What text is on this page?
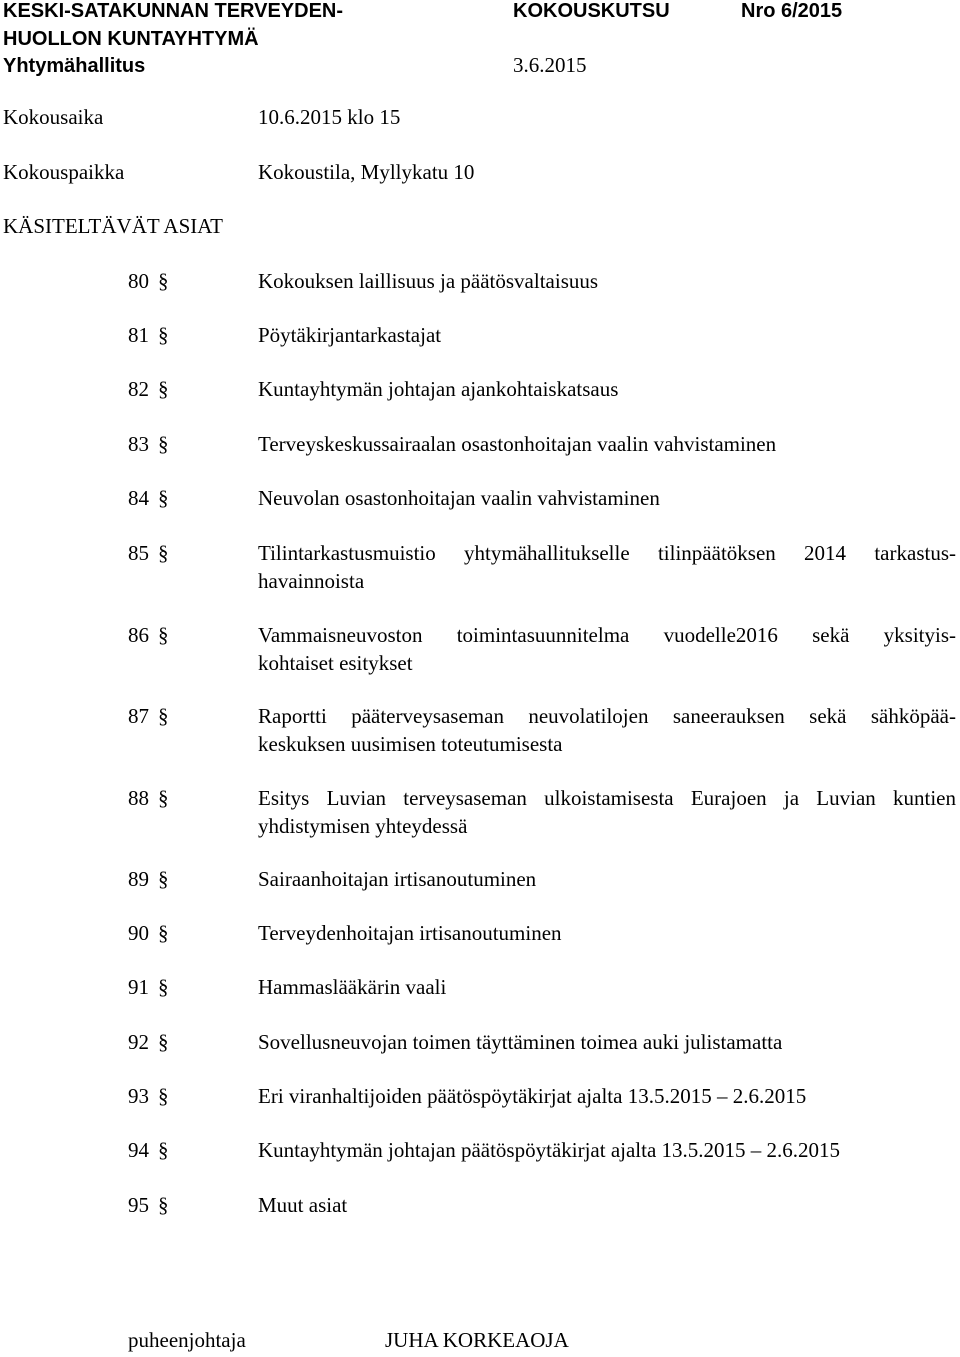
KESKI-SATAKUNNAN TERVEYDEN-
HUOLLON KUNTAYHTYMÄ
Yhtymähallitus
KOKOUSKUTSU	Nro 6/2015
3.6.2015
Kokousaika	10.6.2015 klo 15
Kokouspaikka	Kokoustila, Myllykatu 10
KÄSITELTÄVÄT ASIAT
80 §	Kokouksen laillisuus ja päätösvaltaisuus
81 §	Pöytäkirjantarkastajat
82 §	Kuntayhtymän johtajan ajankohtaiskatsaus
83 §	Terveyskeskussairaalan osastonhoitajan vaalin vahvistaminen
84 §	Neuvolan osastonhoitajan vaalin vahvistaminen
85 §	Tilintarkastusmuistio yhtymähallitukselle tilinpäätöksen 2014 tarkastus-
havainnoista
86 §	Vammaisneuvoston toimintasuunnitelma vuodelle2016 sekä yksityis-
kohtaiset esitykset
87 §	Raportti pääterveysaseman neuvolatilojen saneerauksen sekä sähköpää-
keskuksen uusimisen toteutumisesta
88 §	Esitys Luvian terveysaseman ulkoistamisesta Eurajoen ja Luvian kuntien
yhdistymisen yhteydessä
89 §	Sairaanhoitajan irtisanoutuminen
90 §	Terveydenhoitajan irtisanoutuminen
91 §	Hammaslääkärin vaali
92 §	Sovellusneuvojan toimen täyttäminen toimea auki julistamatta
93 §	Eri viranhaltijoiden päätöspöytäkirjat ajalta 13.5.2015 – 2.6.2015
94 §	Kuntayhtymän johtajan päätöspöytäkirjat ajalta 13.5.2015 – 2.6.2015
95 §	Muut asiat
puheenjohtaja	JUHA KORKEAOJA
